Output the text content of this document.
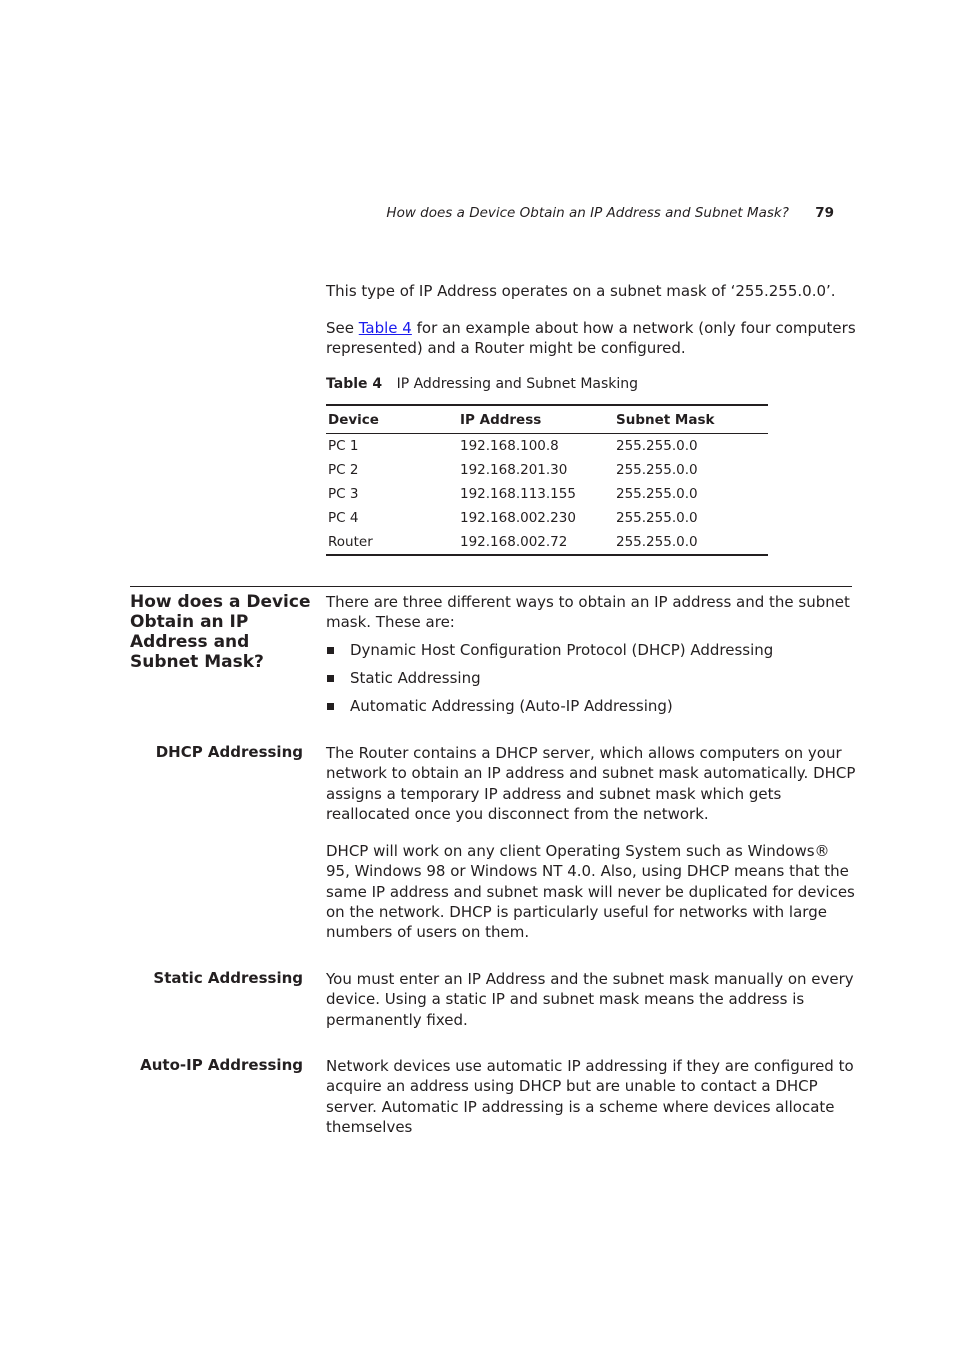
How does a Device Obtain an IP Address and Subnet Mask? 79

This type of IP Address operates on a subnet mask of ‘255.255.0.0’.

See Table 4 for an example about how a network (only four computers represented) and a Router might be configured.

Table 4 IP Addressing and Subnet Masking
Device	IP Address	Subnet Mask
PC 1	192.168.100.8	255.255.0.0
PC 2	192.168.201.30	255.255.0.0
PC 3	192.168.113.155	255.255.0.0
PC 4	192.168.002.230	255.255.0.0
Router	192.168.002.72	255.255.0.0
How does a Device Obtain an IP Address and Subnet Mask?

There are three different ways to obtain an IP address and the subnet mask. These are:

Dynamic Host Configuration Protocol (DHCP) Addressing
Static Addressing
Automatic Addressing (Auto-IP Addressing)
DHCP Addressing The Router contains a DHCP server, which allows computers on your network to obtain an IP address and subnet mask automatically. DHCP assigns a temporary IP address and subnet mask which gets reallocated once you disconnect from the network.

DHCP will work on any client Operating System such as Windows® 95, Windows 98 or Windows NT 4.0. Also, using DHCP means that the same IP address and subnet mask will never be duplicated for devices on the network. DHCP is particularly useful for networks with large numbers of users on them.

Static Addressing You must enter an IP Address and the subnet mask manually on every device. Using a static IP and subnet mask means the address is permanently fixed.

Auto-IP Addressing Network devices use automatic IP addressing if they are configured to acquire an address using DHCP but are unable to contact a DHCP server. Automatic IP addressing is a scheme where devices allocate themselves
